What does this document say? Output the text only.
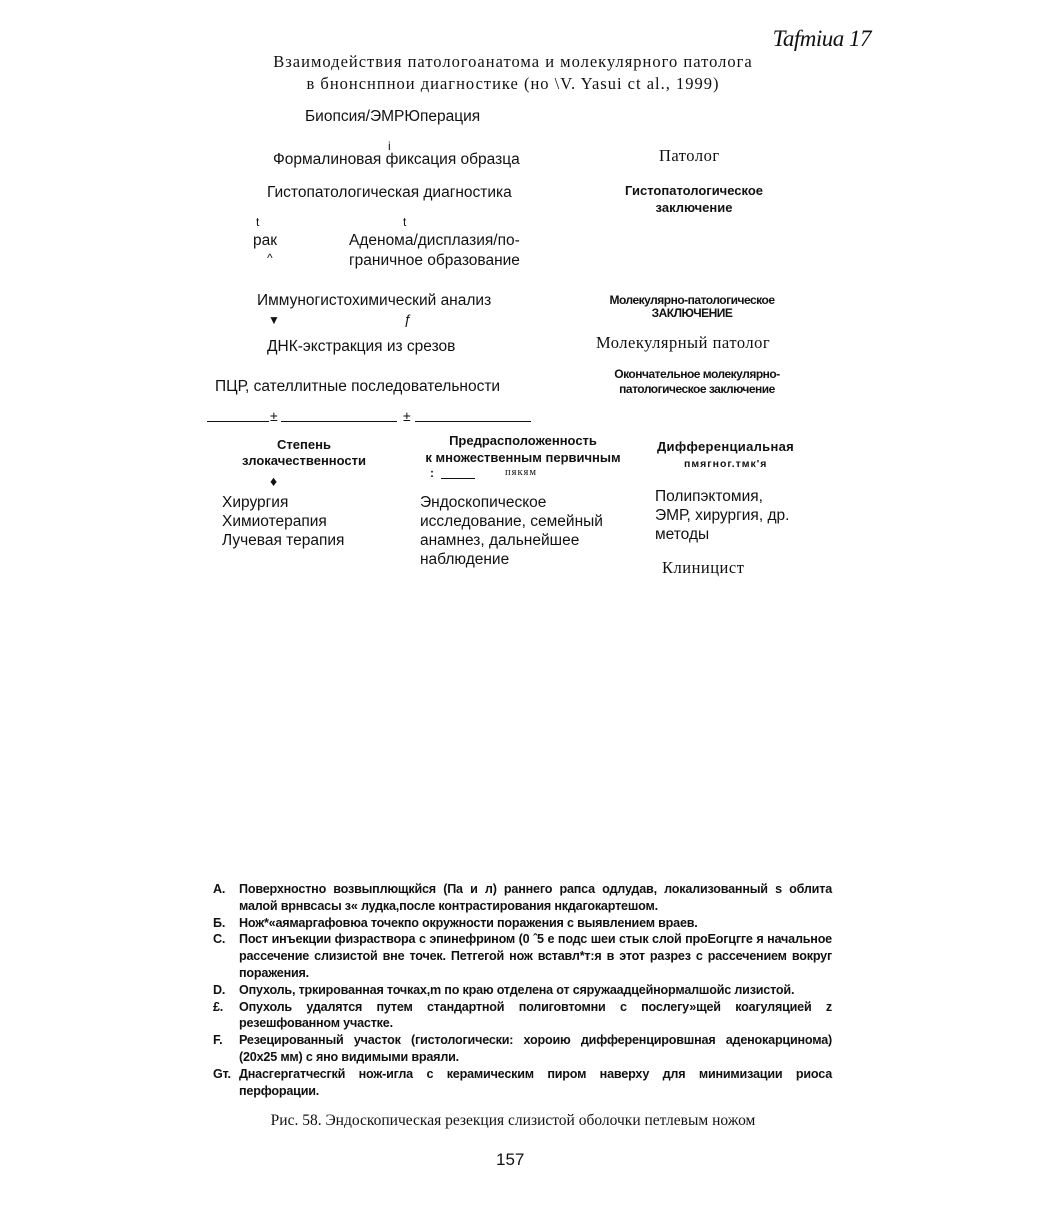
Tafmiua 17
Взаимодействия патологоанатома и молекулярного патолога
в бнонснпнои диагностике (но \V. Yasui ct al., 1999)
Биопсия/ЭМРЮперация
i
Формалиновая фиксация образца
Гистопатологическая диагностика
t	t
рак
^
Аденома/дисплазия/по-
граничное образование
Иммуногистохимический анализ
▼	ƒ
ДНК-экстракция из срезов
ПЦР, сателлитные последовательности
±	±
Патолог
Гистопатологическое
заключение
Молекулярно-патологическое
ЗАКЛЮЧЕНИЕ
Молекулярный патолог
Окончательное молекулярно-
патологическое заключение
Степень
злокачественности
♦
Хирургия
Химиотерапия
Лучевая терапия
Предрасположенность
к множественным первичным
:	пякям
Эндоскопическое
исследование, семейный
анамнез, дальнейшее
наблюдение
Дифференциальная
пмягног.тмк'я
Полипэктомия,
ЭМР, хирургия, др.
методы
Клиницист
А. Поверхностно возвыплющкйся (Па и л) раннего рапса одлудав, локализованный s облита малой врнвсасы з« лудка,после контрастирования нкдагокартешом.
Б. Нож*«аямаргафовюа точекпо окружности поражения с выявлением враев.
С. Пост инъекции физраствора с эпинефрином (0 ˆ5 е подс шеи стык слой проЕогцгге я начальное рассечение слизистой вне точек. Петгегой нож вставл*т:я в этот разрез с рассечением вокруг поражения.
D. Опухоль, тркированная точках,m по краю отделена от сяружаадцейнормалшойс лизистой.
£. Опухоль удалятся путем стандартной полиговтомни с послегу»щей коагуляцией z резешфованном участке.
F. Резецированный участок (гистологически: хороию дифференцировшная аденокарцинома) (20х25 мм) с яно видимыми враяли.
Gт. Днасгергатчесгкй нож-игла с керамическим пиром наверху для минимизации риоса перфорации.
Рис. 58. Эндоскопическая резекция слизистой оболочки петлевым ножом
157
